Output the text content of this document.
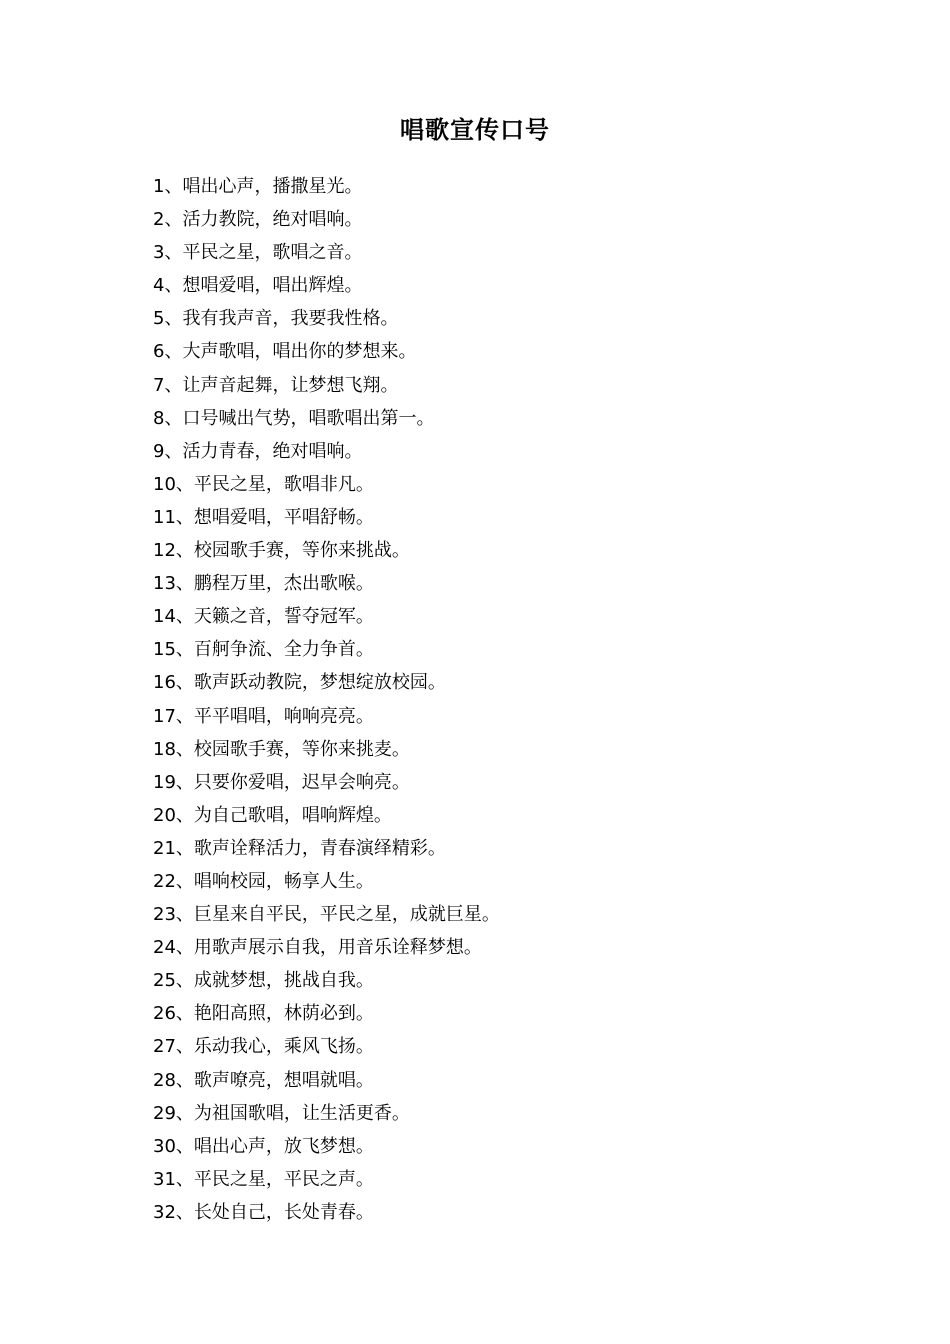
唱歌宣传口号
1、唱出心声，播撒星光。
2、活力教院，绝对唱响。
3、平民之星，歌唱之音。
4、想唱爱唱，唱出辉煌。
5、我有我声音，我要我性格。
6、大声歌唱，唱出你的梦想来。
7、让声音起舞，让梦想飞翔。
8、口号喊出气势，唱歌唱出第一。
9、活力青春，绝对唱响。
10、平民之星，歌唱非凡。
11、想唱爱唱，平唱舒畅。
12、校园歌手赛，等你来挑战。
13、鹏程万里，杰出歌喉。
14、天籁之音，誓夺冠军。
15、百舸争流、全力争首。
16、歌声跃动教院，梦想绽放校园。
17、平平唱唱，响响亮亮。
18、校园歌手赛，等你来挑麦。
19、只要你爱唱，迟早会响亮。
20、为自己歌唱，唱响辉煌。
21、歌声诠释活力，青春演绎精彩。
22、唱响校园，畅享人生。
23、巨星来自平民，平民之星，成就巨星。
24、用歌声展示自我，用音乐诠释梦想。
25、成就梦想，挑战自我。
26、艳阳高照，林荫必到。
27、乐动我心，乘风飞扬。
28、歌声嘹亮，想唱就唱。
29、为祖国歌唱，让生活更香。
30、唱出心声，放飞梦想。
31、平民之星，平民之声。
32、长处自己，长处青春。
